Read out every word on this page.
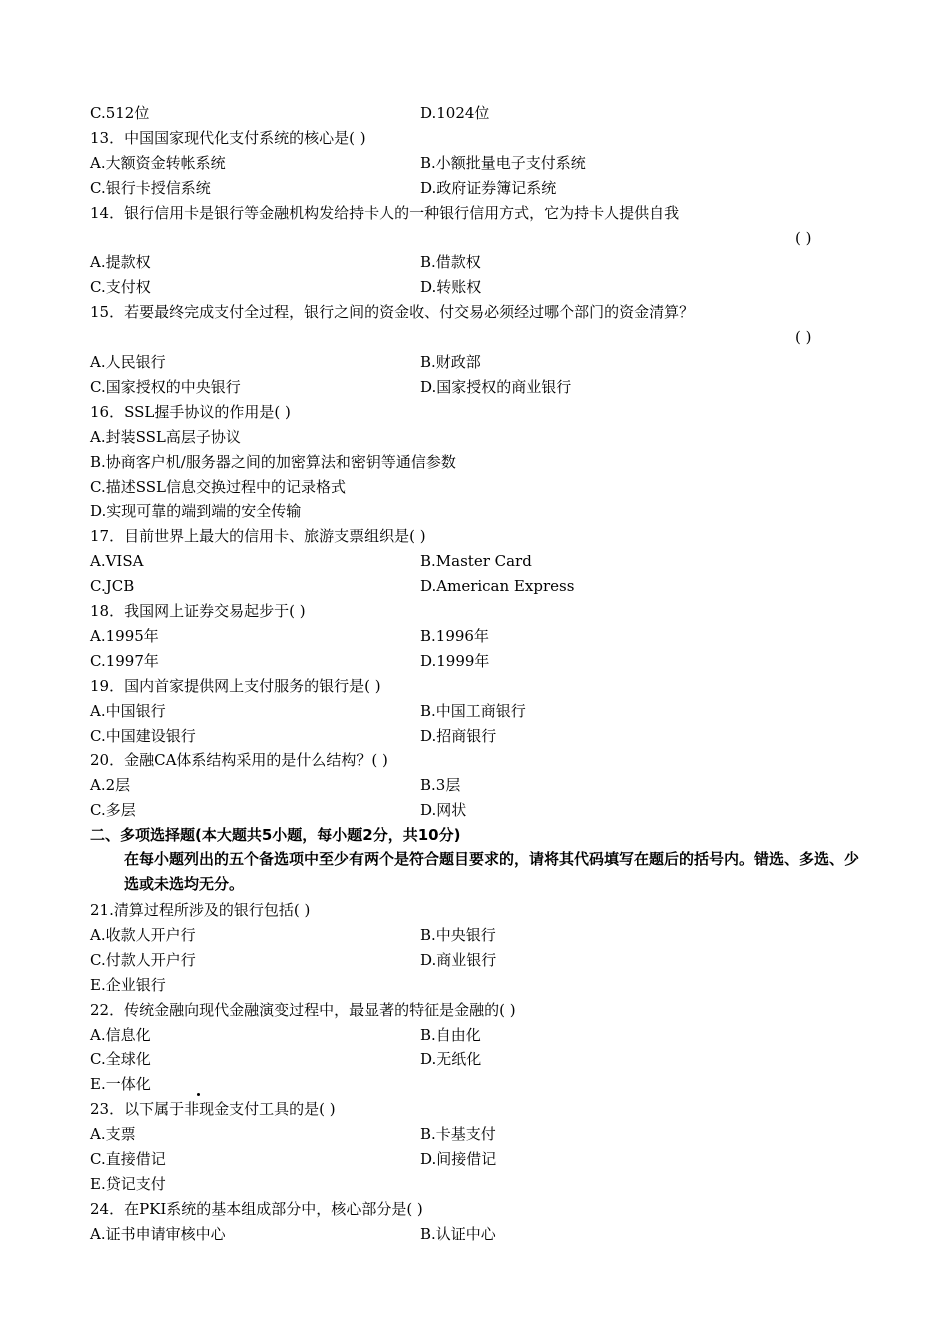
C.512位	D.1024位
13．中国国家现代化支付系统的核心是( )
A.大额资金转帐系统	B.小额批量电子支付系统
C.银行卡授信系统	D.政府证券簿记系统
14．银行信用卡是银行等金融机构发给持卡人的一种银行信用方式，它为持卡人提供自我
( )
A.提款权	B.借款权
C.支付权	D.转账权
15．若要最终完成支付全过程，银行之间的资金收、付交易必须经过哪个部门的资金清算？
( )
A.人民银行	B.财政部
C.国家授权的中央银行	D.国家授权的商业银行
16．SSL握手协议的作用是( )
A.封装SSL高层子协议
B.协商客户机/服务器之间的加密算法和密钥等通信参数
C.描述SSL信息交换过程中的记录格式
D.实现可靠的端到端的安全传输
17．目前世界上最大的信用卡、旅游支票组织是( )
A.VISA	B.Master Card
C.JCB	D.American Express
18．我国网上证券交易起步于( )
A.1995年	B.1996年
C.1997年	D.1999年
19．国内首家提供网上支付服务的银行是( )
A.中国银行	B.中国工商银行
C.中国建设银行	D.招商银行
20．金融CA体系结构采用的是什么结构？( )
A.2层	B.3层
C.多层	D.网状
二、多项选择题(本大题共5小题，每小题2分，共10分)
在每小题列出的五个备选项中至少有两个是符合题目要求的，请将其代码填写在题后的括号内。错选、多选、少选或未选均无分。
21.清算过程所涉及的银行包括( )
A.收款人开户行	B.中央银行
C.付款人开户行	D.商业银行
E.企业银行
22．传统金融向现代金融演变过程中，最显著的特征是金融的( )
A.信息化	B.自由化
C.全球化	D.无纸化
E.一体化
23．以下属于非现金支付工具的是( )
A.支票	B.卡基支付
C.直接借记	D.间接借记
E.贷记支付
24．在PKI系统的基本组成部分中，核心部分是( )
A.证书申请审核中心	B.认证中心
